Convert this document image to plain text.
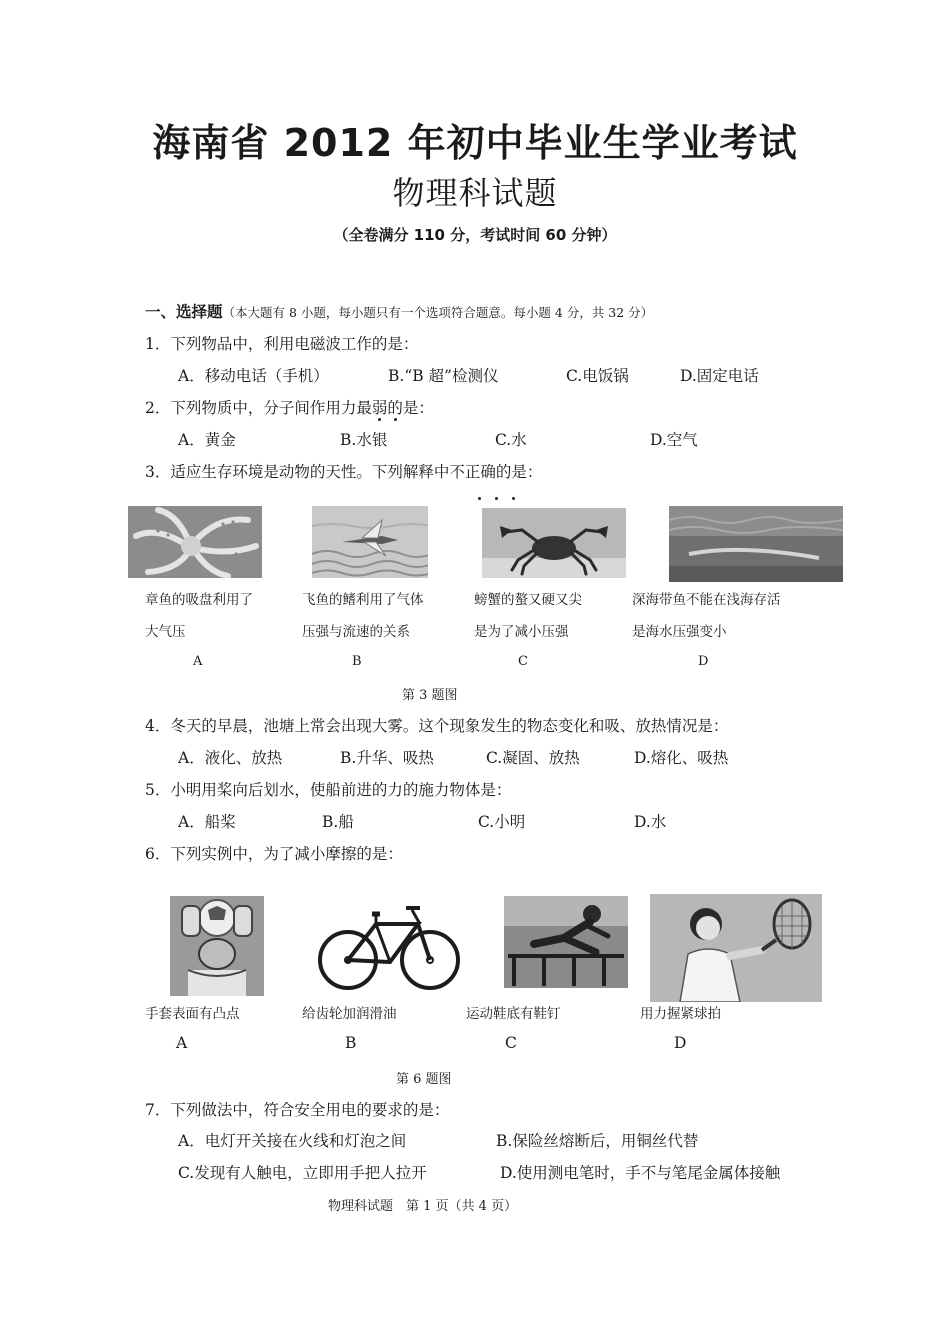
海南省 2012 年初中毕业生学业考试
物理科试题
（全卷满分 110 分，考试时间 60 分钟）
一、选择题（本大题有 8 小题，每小题只有一个选项符合题意。每小题 4 分，共 32 分）
1．下列物品中，利用电磁波工作的是：
A．移动电话（手机）	B.“B 超”检测仪	C.电饭锅	D.固定电话
2．下列物质中，分子间作用力最弱的是：
A．黄金	B.水银	C.水	D.空气
3．适应生存环境是动物的天性。下列解释中不正确的是：
章鱼的吸盘利用了
大气压
A
飞鱼的鳍利用了气体
压强与流速的关系
B
螃蟹的螯又硬又尖
是为了减小压强
C
深海带鱼不能在浅海存活
是海水压强变小
D
第 3 题图
4．冬天的早晨，池塘上常会出现大雾。这个现象发生的物态变化和吸、放热情况是：
A．液化、放热	B.升华、吸热	C.凝固、放热	D.熔化、吸热
5．小明用桨向后划水，使船前进的力的施力物体是：
A．船桨	B.船	C.小明	D.水
6．下列实例中，为了减小摩擦的是：
手套表面有凸点
A
给齿轮加润滑油
B
运动鞋底有鞋钉
C
用力握紧球拍
D
第 6 题图
7．下列做法中，符合安全用电的要求的是：
A．电灯开关接在火线和灯泡之间	B.保险丝熔断后，用铜丝代替
C.发现有人触电，立即用手把人拉开	D.使用测电笔时，手不与笔尾金属体接触
物理科试题　第 1 页（共 4 页）
